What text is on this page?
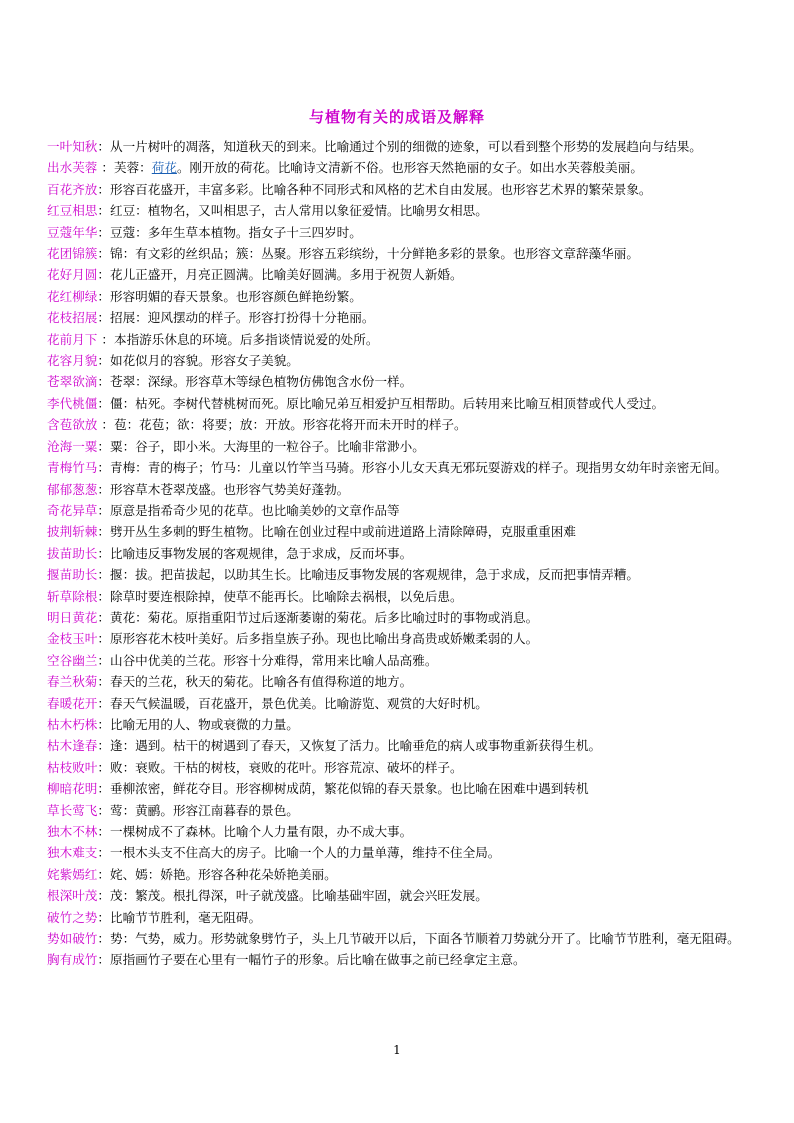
与植物有关的成语及解释

一叶知秋：从一片树叶的凋落，知道秋天的到来。比喻通过个别的细微的迹象，可以看到整个形势的发展趋向与结果。

出水芙蓉 ：芙蓉：荷花。刚开放的荷花。比喻诗文清新不俗。也形容天然艳丽的女子。如出水芙蓉般美丽。

百花齐放：形容百花盛开，丰富多彩。比喻各种不同形式和风格的艺术自由发展。也形容艺术界的繁荣景象。

红豆相思：红豆：植物名，又叫相思子，古人常用以象征爱情。比喻男女相思。

豆蔻年华：豆蔻：多年生草本植物。指女子十三四岁时。

花团锦簇：锦：有文彩的丝织品；簇：丛聚。形容五彩缤纷，十分鲜艳多彩的景象。也形容文章辞藻华丽。

花好月圆：花儿正盛开，月亮正圆满。比喻美好圆满。多用于祝贺人新婚。

花红柳绿：形容明媚的春天景象。也形容颜色鲜艳纷繁。

花枝招展：招展：迎风摆动的样子。形容打扮得十分艳丽。

花前月下 ：本指游乐休息的环境。后多指谈情说爱的处所。

花容月貌：如花似月的容貌。形容女子美貌。

苍翠欲滴：苍翠：深绿。形容草木等绿色植物仿佛饱含水份一样。

李代桃僵：僵：枯死。李树代替桃树而死。原比喻兄弟互相爱护互相帮助。后转用来比喻互相顶替或代人受过。

含苞欲放 ：苞：花苞；欲：将要；放：开放。形容花将开而未开时的样子。

沧海一粟：粟：谷子，即小米。大海里的一粒谷子。比喻非常渺小。

青梅竹马：青梅：青的梅子；竹马：儿童以竹竿当马骑。形容小儿女天真无邪玩耍游戏的样子。现指男女幼年时亲密无间。

郁郁葱葱：形容草木苍翠茂盛。也形容气势美好蓬勃。

奇花异草：原意是指希奇少见的花草。也比喻美妙的文章作品等

披荆斩棘：劈开丛生多刺的野生植物。比喻在创业过程中或前进道路上清除障碍，克服重重困难

拔苗助长：比喻违反事物发展的客观规律，急于求成，反而坏事。

揠苗助长：揠：拔。把苗拔起，以助其生长。比喻违反事物发展的客观规律，急于求成，反而把事情弄糟。

斩草除根：除草时要连根除掉，使草不能再长。比喻除去祸根，以免后患。

明日黄花：黄花：菊花。原指重阳节过后逐渐萎谢的菊花。后多比喻过时的事物或消息。

金枝玉叶：原形容花木枝叶美好。后多指皇族子孙。现也比喻出身高贵或娇嫩柔弱的人。

空谷幽兰：山谷中优美的兰花。形容十分难得，常用来比喻人品高雅。

春兰秋菊：春天的兰花，秋天的菊花。比喻各有值得称道的地方。

春暖花开：春天气候温暖，百花盛开，景色优美。比喻游览、观赏的大好时机。

枯木朽株：比喻无用的人、物或衰微的力量。

枯木逢春：逢：遇到。枯干的树遇到了春天，又恢复了活力。比喻垂危的病人或事物重新获得生机。

枯枝败叶：败：衰败。干枯的树枝，衰败的花叶。形容荒凉、破坏的样子。

柳暗花明：垂柳浓密，鲜花夺目。形容柳树成荫，繁花似锦的春天景象。也比喻在困难中遇到转机

草长莺飞：莺：黄鹂。形容江南暮春的景色。

独木不林：一棵树成不了森林。比喻个人力量有限，办不成大事。

独木难支：一根木头支不住高大的房子。比喻一个人的力量单薄，维持不住全局。

姹紫嫣红：姹、嫣：娇艳。形容各种花朵娇艳美丽。

根深叶茂：茂：繁茂。根扎得深，叶子就茂盛。比喻基础牢固，就会兴旺发展。

破竹之势：比喻节节胜利，毫无阻碍。

势如破竹：势：气势，威力。形势就象劈竹子，头上几节破开以后，下面各节顺着刀势就分开了。比喻节节胜利，毫无阻碍。

胸有成竹：原指画竹子要在心里有一幅竹子的形象。后比喻在做事之前已经拿定主意。

1
